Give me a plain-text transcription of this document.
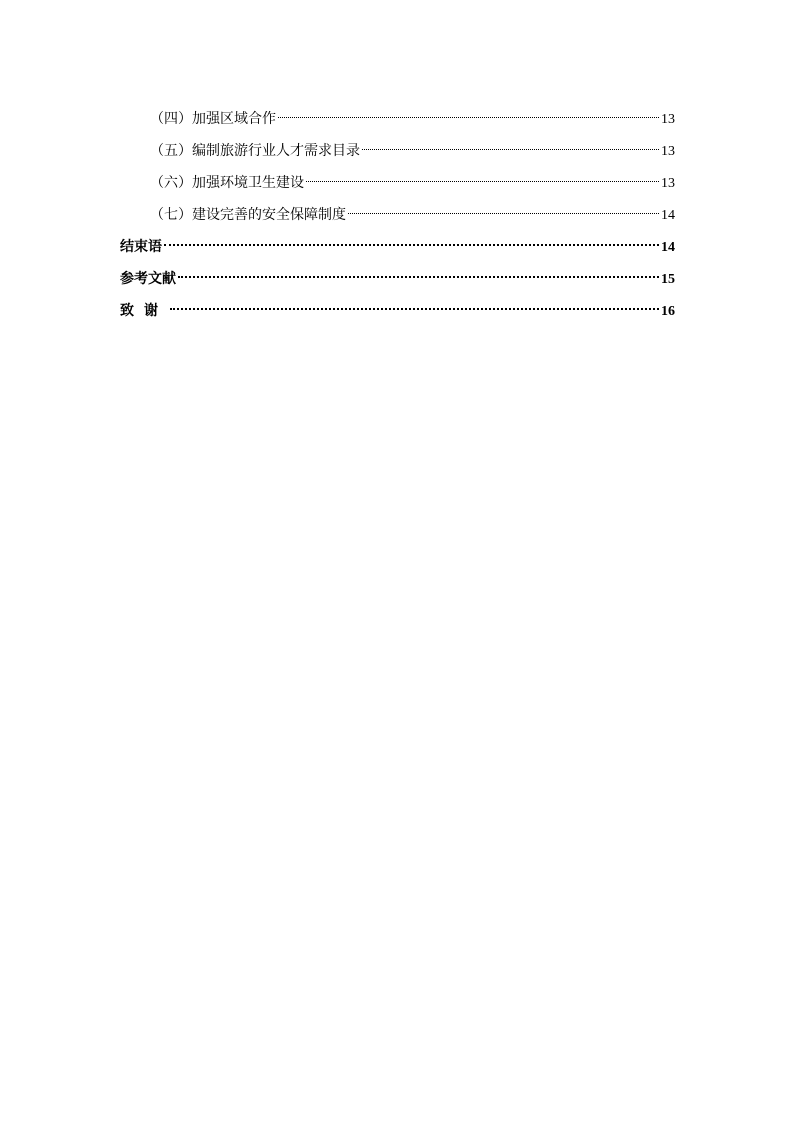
（四）加强区域合作	13
（五）编制旅游行业人才需求目录	13
（六）加强环境卫生建设	13
（七）建设完善的安全保障制度	14
结束语	14
参考文献	15
致谢	16
